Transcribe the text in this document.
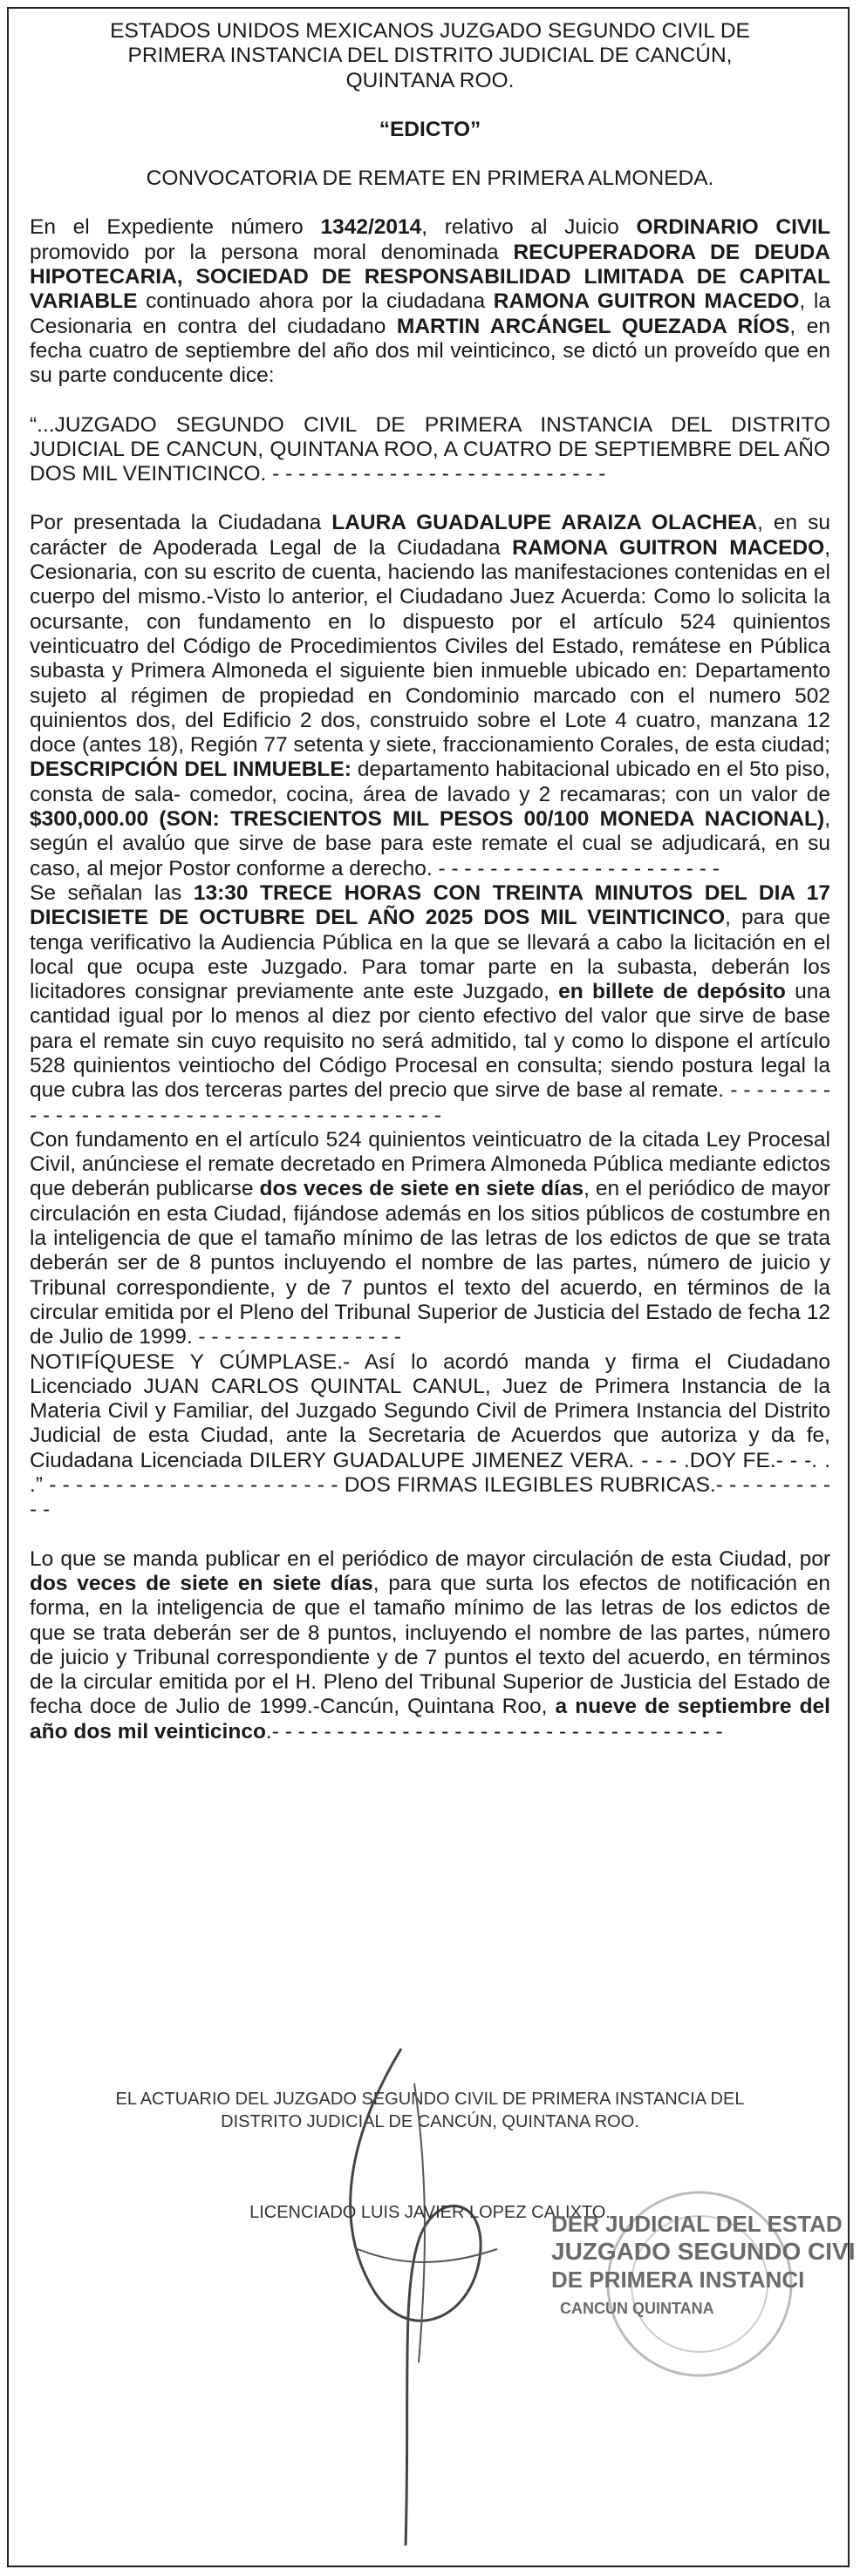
ESTADOS UNIDOS MEXICANOS JUZGADO SEGUNDO CIVIL DE

PRIMERA INSTANCIA DEL DISTRITO JUDICIAL DE CANCÚN,

QUINTANA ROO.

“EDICTO”

CONVOCATORIA DE REMATE EN PRIMERA ALMONEDA.

En el Expediente número 1342/2014, relativo al Juicio ORDINARIO CIVIL promovido por la persona moral denominada RECUPERADORA DE DEUDA HIPOTECARIA, SOCIEDAD DE RESPONSABILIDAD LIMITADA DE CAPITAL VARIABLE continuado ahora por la ciudadana RAMONA GUITRON MACEDO, la Cesionaria en contra del ciudadano MARTIN ARCÁNGEL QUEZADA RÍOS, en fecha cuatro de septiembre del año dos mil veinticinco, se dictó un proveído que en su parte conducente dice:

“...JUZGADO SEGUNDO CIVIL DE PRIMERA INSTANCIA DEL DISTRITO JUDICIAL DE CANCUN, QUINTANA ROO, A CUATRO DE SEPTIEMBRE DEL AÑO DOS MIL VEINTICINCO. - - - - - - - - - - - - - - - - - - - - - - - - - -

Por presentada la Ciudadana LAURA GUADALUPE ARAIZA OLACHEA, en su carácter de Apoderada Legal de la Ciudadana RAMONA GUITRON MACEDO, Cesionaria, con su escrito de cuenta, haciendo las manifestaciones contenidas en el cuerpo del mismo.-Visto lo anterior, el Ciudadano Juez Acuerda: Como lo solicita la ocursante, con fundamento en lo dispuesto por el artículo 524 quinientos veinticuatro del Código de Procedimientos Civiles del Estado, remátese en Pública subasta y Primera Almoneda el siguiente bien inmueble ubicado en: Departamento sujeto al régimen de propiedad en Condominio marcado con el numero 502 quinientos dos, del Edificio 2 dos, construido sobre el Lote 4 cuatro, manzana 12 doce (antes 18), Región 77 setenta y siete, fraccionamiento Corales, de esta ciudad; DESCRIPCIÓN DEL INMUEBLE: departamento habitacional ubicado en el 5to piso, consta de sala- comedor, cocina, área de lavado y 2 recamaras; con un valor de $300,000.00 (SON: TRESCIENTOS MIL PESOS 00/100 MONEDA NACIONAL), según el avalúo que sirve de base para este remate el cual se adjudicará, en su caso, al mejor Postor conforme a derecho. - - - - - - - - - - - - - - - - - - - - - -

Se señalan las 13:30 TRECE HORAS CON TREINTA MINUTOS DEL DIA 17 DIECISIETE DE OCTUBRE DEL AÑO 2025 DOS MIL VEINTICINCO, para que tenga verificativo la Audiencia Pública en la que se llevará a cabo la licitación en el local que ocupa este Juzgado. Para tomar parte en la subasta, deberán los licitadores consignar previamente ante este Juzgado, en billete de depósito una cantidad igual por lo menos al diez por ciento efectivo del valor que sirve de base para el remate sin cuyo requisito no será admitido, tal y como lo dispone el artículo 528 quinientos veintiocho del Código Procesal en consulta; siendo postura legal la que cubra las dos terceras partes del precio que sirve de base al remate. - - - - - - - - - - - - - - - - - - - - - - - - - - - - - - - - - - - - - - - -

Con fundamento en el artículo 524 quinientos veinticuatro de la citada Ley Procesal Civil, anúnciese el remate decretado en Primera Almoneda Pública mediante edictos que deberán publicarse dos veces de siete en siete días, en el periódico de mayor circulación en esta Ciudad, fijándose además en los sitios públicos de costumbre en la inteligencia de que el tamaño mínimo de las letras de los edictos de que se trata deberán ser de 8 puntos incluyendo el nombre de las partes, número de juicio y Tribunal correspondiente, y de 7 puntos el texto del acuerdo, en términos de la circular emitida por el Pleno del Tribunal Superior de Justicia del Estado de fecha 12 de Julio de 1999. - - - - - - - - - - - - - - - -

NOTIFÍQUESE Y CÚMPLASE.- Así lo acordó manda y firma el Ciudadano Licenciado JUAN CARLOS QUINTAL CANUL, Juez de Primera Instancia de la Materia Civil y Familiar, del Juzgado Segundo Civil de Primera Instancia del Distrito Judicial de esta Ciudad, ante la Secretaria de Acuerdos que autoriza y da fe, Ciudadana Licenciada DILERY GUADALUPE JIMENEZ VERA. - - - .DOY FE.- - -. . .” - - - - - - - - - - - - - - - - - - - - - - DOS FIRMAS ILEGIBLES RUBRICAS.- - - - - - - - - - -

Lo que se manda publicar en el periódico de mayor circulación de esta Ciudad, por dos veces de siete en siete días, para que surta los efectos de notificación en forma, en la inteligencia de que el tamaño mínimo de las letras de los edictos de que se trata deberán ser de 8 puntos, incluyendo el nombre de las partes, número de juicio y Tribunal correspondiente y de 7 puntos el texto del acuerdo, en términos de la circular emitida por el H. Pleno del Tribunal Superior de Justicia del Estado de fecha doce de Julio de 1999.-Cancún, Quintana Roo, a nueve de septiembre del año dos mil veinticinco.- - - - - - - - - - - - - - - - - - - - - - - - - - - - - - - - - - -

EL ACTUARIO DEL JUZGADO SEGUNDO CIVIL DE PRIMERA INSTANCIA DEL

DISTRITO JUDICIAL DE CANCÚN, QUINTANA ROO.

LICENCIADO LUIS JAVIER LOPEZ CALIXTO.
DER JUDICIAL DEL ESTAD
JUZGADO SEGUNDO CIVI
DE PRIMERA INSTANCI
CANCUN QUINTANA
